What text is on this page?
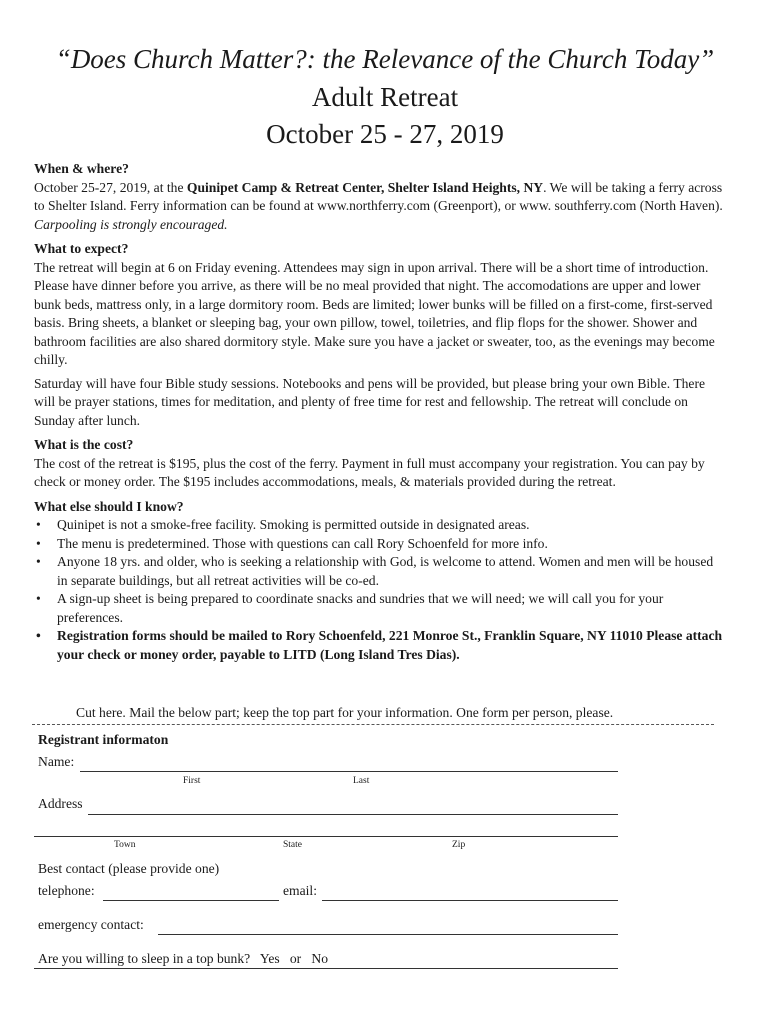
“Does Church Matter?: the Relevance of the Church Today”
Adult Retreat
October 25 - 27, 2019

When & where?

October 25-27, 2019, at the Quinipet Camp & Retreat Center, Shelter Island Heights, NY. We will be taking a ferry across to Shelter Island. Ferry information can be found at www.northferry.com (Greenport), or www. southferry.com (North Haven). Carpooling is strongly encouraged.

What to expect?

The retreat will begin at 6 on Friday evening. Attendees may sign in upon arrival. There will be a short time of introduction. Please have dinner before you arrive, as there will be no meal provided that night. The accomodations are upper and lower bunk beds, mattress only, in a large dormitory room. Beds are limited; lower bunks will be filled on a first-come, first-served basis. Bring sheets, a blanket or sleeping bag, your own pillow, towel, toiletries, and flip flops for the shower. Shower and bathroom facilities are also shared dormitory style. Make sure you have a jacket or sweater, too, as the evenings may become chilly.

Saturday will have four Bible study sessions. Notebooks and pens will be provided, but please bring your own Bible. There will be prayer stations, times for meditation, and plenty of free time for rest and fellowship. The retreat will conclude on Sunday after lunch.

What is the cost?

The cost of the retreat is $195, plus the cost of the ferry. Payment in full must accompany your registration. You can pay by check or money order. The $195 includes accommodations, meals, & materials provided during the retreat.

What else should I know?

• Quinipet is not a smoke-free facility. Smoking is permitted outside in designated areas.
• The menu is predetermined. Those with questions can call Rory Schoenfeld for more info.
• Anyone 18 yrs. and older, who is seeking a relationship with God, is welcome to attend. Women and men will be housed in separate buildings, but all retreat activities will be co-ed.
• A sign-up sheet is being prepared to coordinate snacks and sundries that we will need; we will call you for your preferences.
• Registration forms should be mailed to Rory Schoenfeld, 221 Monroe St., Franklin Square, NY 11010 Please attach your check or money order, payable to LITD (Long Island Tres Dias).
Cut here. Mail the below part; keep the top part for your information. One form per person, please.
Registrant informaton
Name:
First	Last
Address
Town	State	Zip
Best contact (please provide one)
telephone:	email:
emergency contact:
Are you willing to sleep in a top bunk? Yes or No
